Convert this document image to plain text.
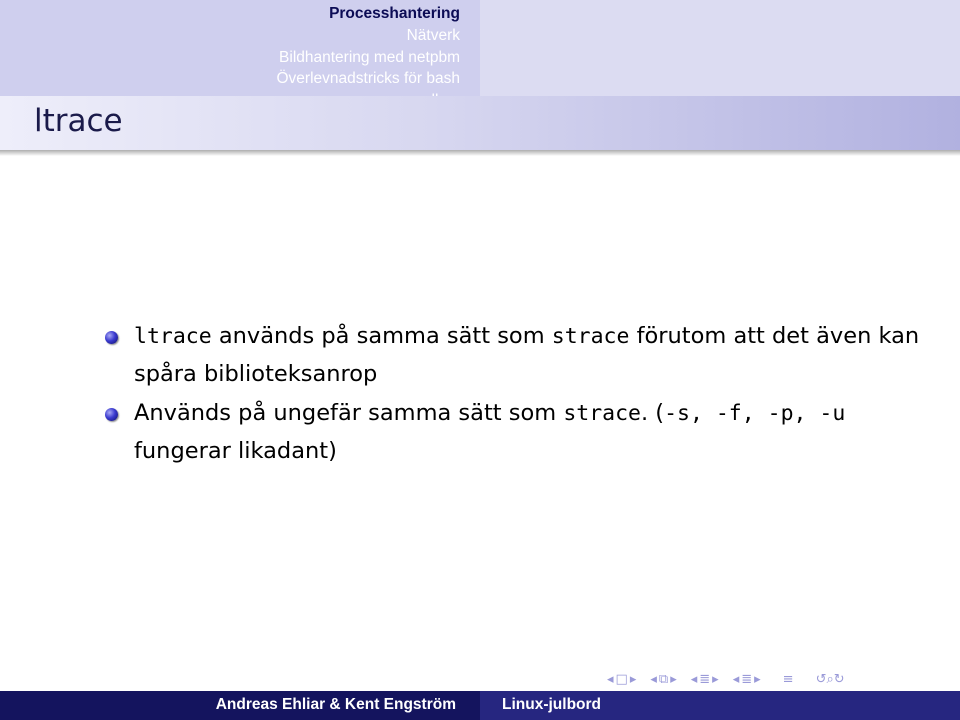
Processhantering
Nätverk
Bildhantering med netpbm
Överlevnadstricks för bash
ltrace
ltrace används på samma sätt som strace förutom att det även kan spåra biblioteksanrop
Används på ungefär samma sätt som strace. (-s, -f, -p, -u fungerar likadant)
◂ □ ▸ ◂ ⧉ ▸ ◂ ≣ ▸ ◂ ≣ ▸ ≡ ↺⌕↻
Andreas Ehliar & Kent Engström	Linux-julbord
